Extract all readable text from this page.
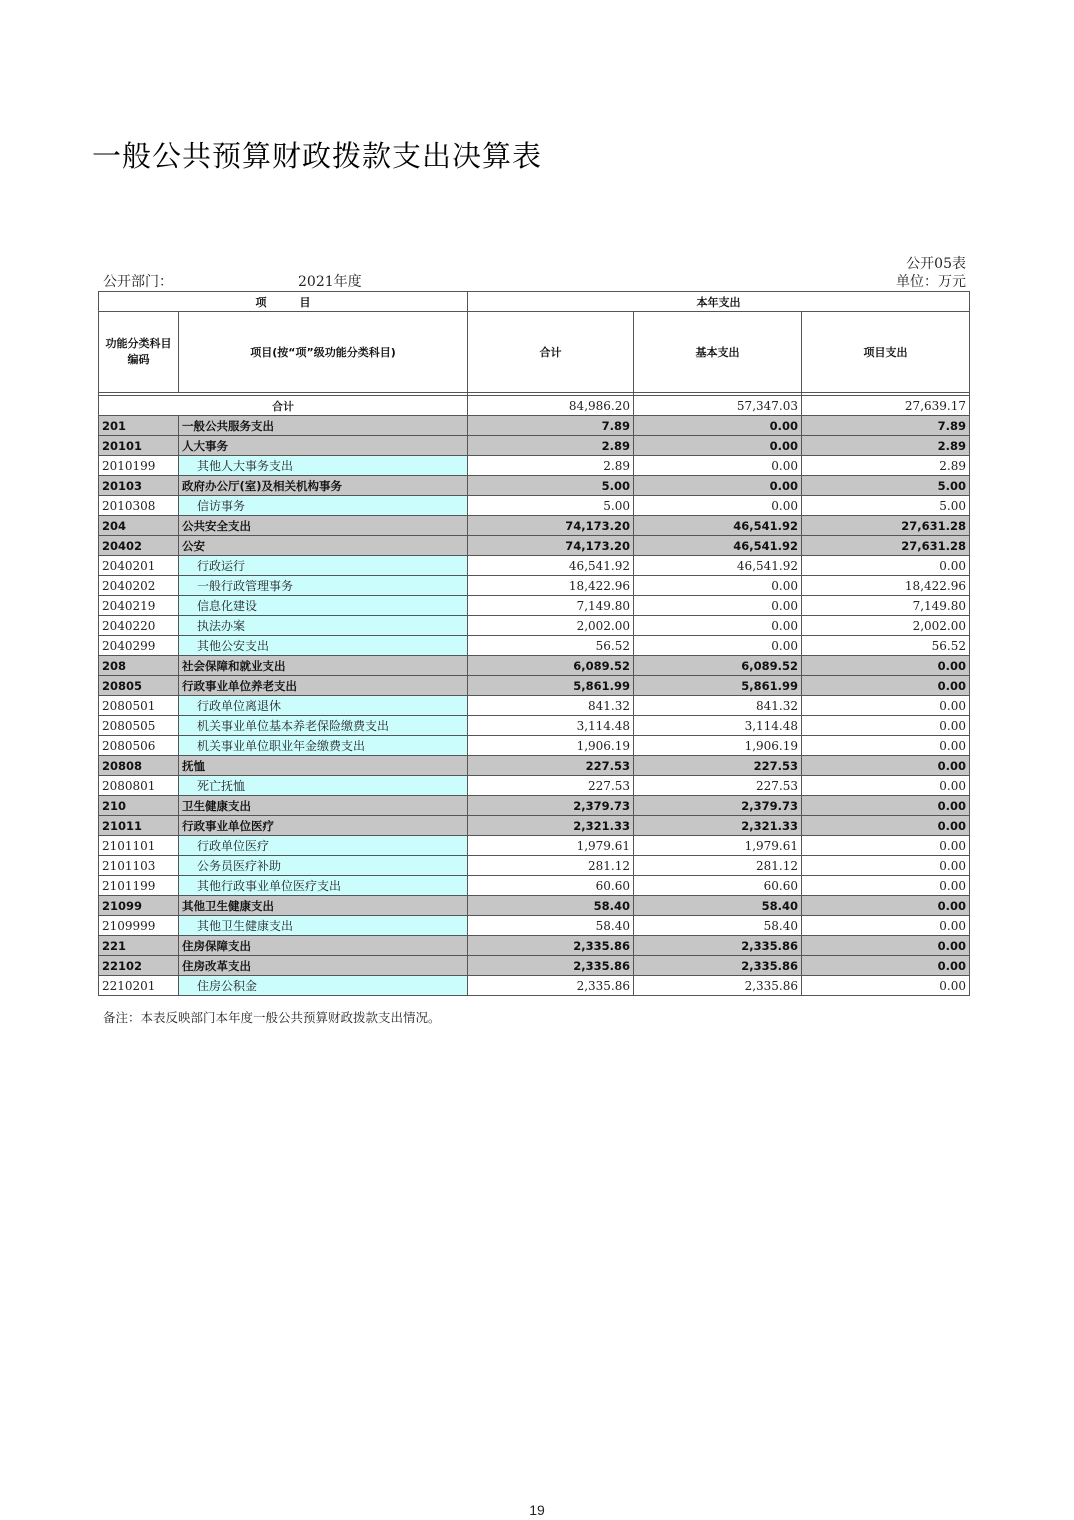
一般公共预算财政拨款支出决算表
公开05表
公开部门：	2021年度	单位：万元
项　　　目		本年支出		
功能分类科目编码	项目(按“项”级功能分类科目)	合计	基本支出	项目支出

合计		84,986.20	57,347.03	27,639.17
201	一般公共服务支出	7.89	0.00	7.89
20101	人大事务	2.89	0.00	2.89
2010199	其他人大事务支出	2.89	0.00	2.89
20103	政府办公厅(室)及相关机构事务	5.00	0.00	5.00
2010308	信访事务	5.00	0.00	5.00
204	公共安全支出	74,173.20	46,541.92	27,631.28
20402	公安	74,173.20	46,541.92	27,631.28
2040201	行政运行	46,541.92	46,541.92	0.00
2040202	一般行政管理事务	18,422.96	0.00	18,422.96
2040219	信息化建设	7,149.80	0.00	7,149.80
2040220	执法办案	2,002.00	0.00	2,002.00
2040299	其他公安支出	56.52	0.00	56.52
208	社会保障和就业支出	6,089.52	6,089.52	0.00
20805	行政事业单位养老支出	5,861.99	5,861.99	0.00
2080501	行政单位离退休	841.32	841.32	0.00
2080505	机关事业单位基本养老保险缴费支出	3,114.48	3,114.48	0.00
2080506	机关事业单位职业年金缴费支出	1,906.19	1,906.19	0.00
20808	抚恤	227.53	227.53	0.00
2080801	死亡抚恤	227.53	227.53	0.00
210	卫生健康支出	2,379.73	2,379.73	0.00
21011	行政事业单位医疗	2,321.33	2,321.33	0.00
2101101	行政单位医疗	1,979.61	1,979.61	0.00
2101103	公务员医疗补助	281.12	281.12	0.00
2101199	其他行政事业单位医疗支出	60.60	60.60	0.00
21099	其他卫生健康支出	58.40	58.40	0.00
2109999	其他卫生健康支出	58.40	58.40	0.00
221	住房保障支出	2,335.86	2,335.86	0.00
22102	住房改革支出	2,335.86	2,335.86	0.00
2210201	住房公积金	2,335.86	2,335.86	0.00
备注：本表反映部门本年度一般公共预算财政拨款支出情况。
19
